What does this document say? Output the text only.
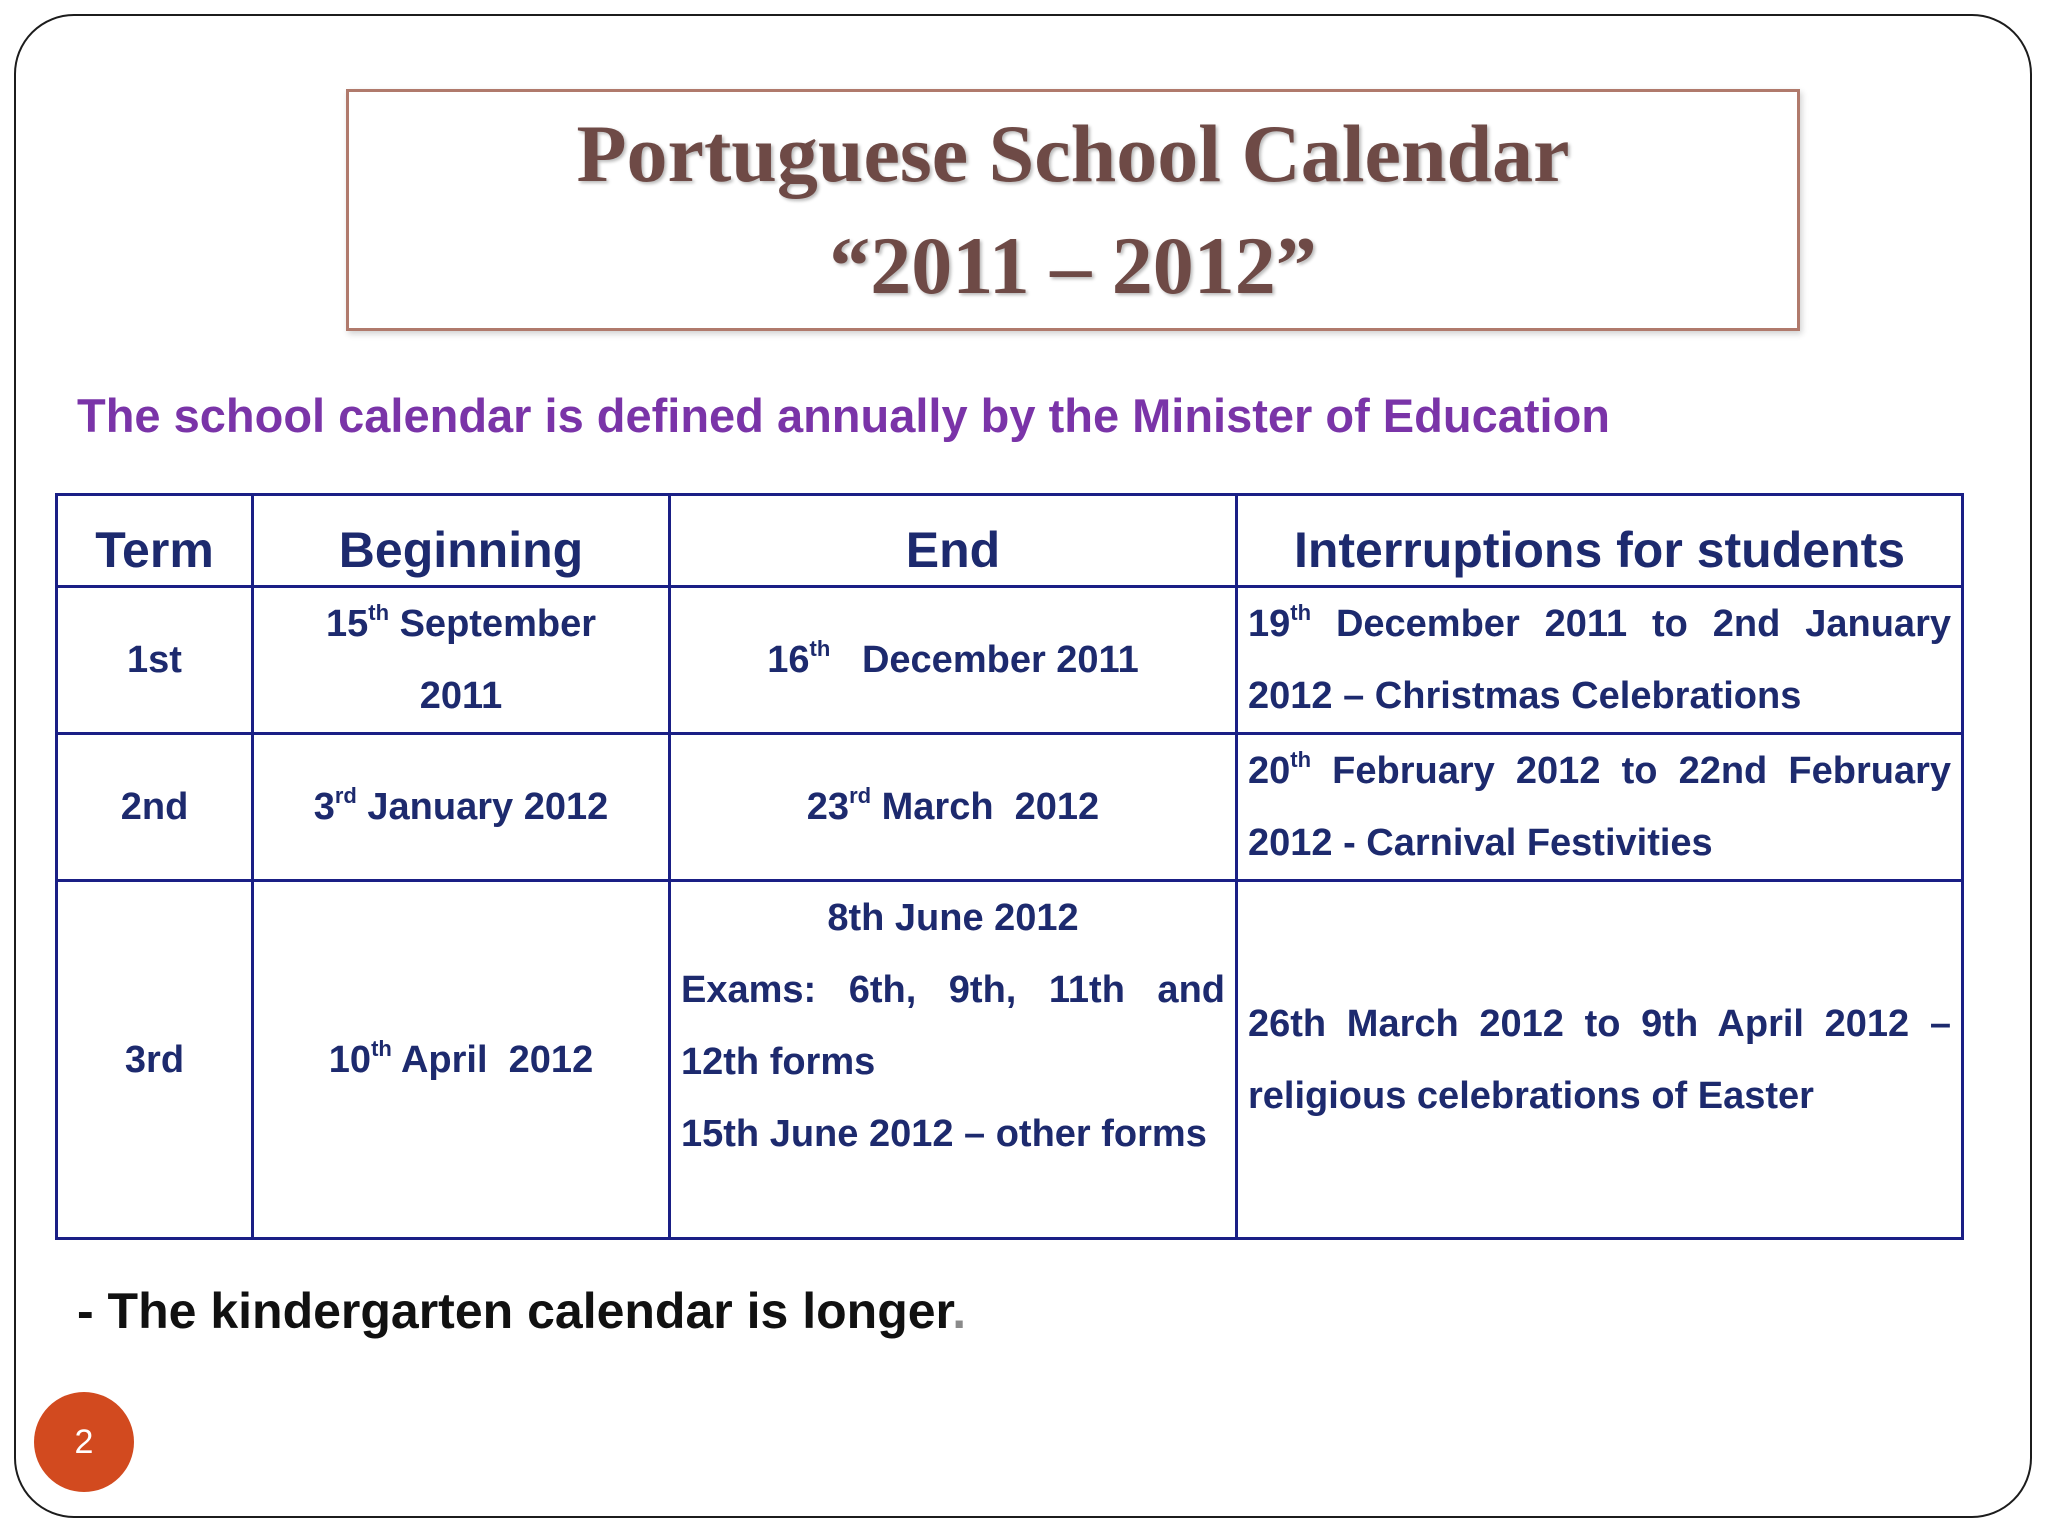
Portuguese School Calendar
“2011 – 2012”
The school calendar is defined annually by the Minister of Education
Term	Beginning	End	Interruptions for students
1st	15th September 2011	16th   December 2011	19th December 2011 to 2nd January 2012 – Christmas Celebrations
2nd	3rd January 2012	23rd March  2012	20th February 2012 to 22nd February 2012 - Carnival Festivities
3rd	10th April  2012	8th June 2012
Exams: 6th, 9th, 11th and 12th forms
15th June 2012 – other forms	26th March 2012 to 9th April 2012 – religious celebrations of Easter
- The kindergarten calendar is longer.
2
